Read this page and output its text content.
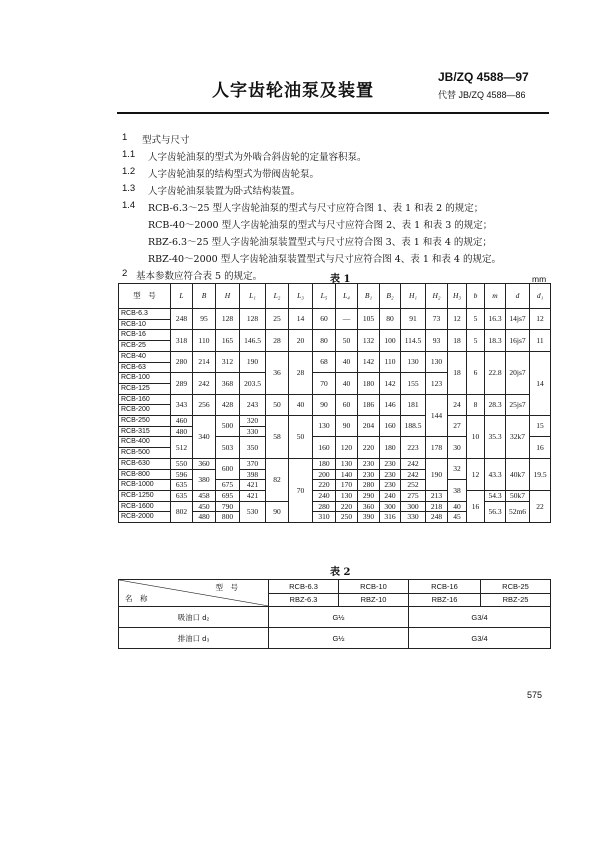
人字齿轮油泵及装置
JB/ZQ 4588—97
代替 JB/ZQ 4588—86
1 型式与尺寸
1.1 人字齿轮油泵的型式为外啮合斜齿轮的定量容积泵。
1.2 人字齿轮油泵的结构型式为带阀齿轮泵。
1.3 人字齿轮油泵装置为卧式结构装置。
1.4 RCB-6.3～25 型人字齿轮油泵的型式与尺寸应符合图 1、表 1 和表 2 的规定；
RCB-40～2000 型人字齿轮油泵的型式与尺寸应符合图 2、表 1 和表 3 的规定；
RBZ-6.3～25 型人字齿轮油泵装置型式与尺寸应符合图 3、表 1 和表 4 的规定；
RBZ-40～2000 型人字齿轮油泵装置型式与尺寸应符合图 4、表 1 和表 4 的规定。
2 基本参数应符合表 5 的规定。	表 1	mm
型　号	L	B	H	L₁	L₂	L₃	L₅	L₄	B₁	B₂	H₁	H₂	H₃	b	m	d	d₁
RCB-6.3	248	95	128	128	25	14	60	—	105	80	91	73	12	5	16.3	14js7	12
RCB-10																	
RCB-16	318	110	165	146.5	28	20	80	50	132	100	114.5	93	18	5	18.3	16js7	11
RCB-25																	
RCB-40	280	214	312	190	36	28	68	40	142	110	130	130	18	6	22.8	20js7	14
RCB-63																	
RCB-100	289	242	368	203.5			70	40	180	142	155	123					
RCB-125																	
RCB-160	343	256	428	243	50	40	90	60	186	146	181	144	24	8	28.3	25js7	
RCB-200																	
RCB-250	460	340	500	320	58	50	130	90	204	160	188.5		27	10	35.3	32k7	15
RCB-315	480			330													
RCB-400	512		503	350			160	120	220	180	223	178	30				16
RCB-500																	
RCB-630	550	360	600	370	82	70	180	130	230	230	242	190	32	12	43.3	40k7	19.5
RCB-800	596	380		398			200	140	230	230	242						
RCB-1000	635		675	421			220	170	280	230	252		38				
RCB-1250	635	458	695	421			240	130	290	240	275	213		16	54.3	50k7	22
RCB-1600	802	450	790	530	90		280	220	360	300	300	218	40		56.3	52m6	
RCB-2000		480	800				310	250	390	316	330	248	45				
表 2
型　号
名　称	RCB-6.3	RCB-10	RCB-16	RCB-25
	RBZ-6.3	RBZ-10	RBZ-16	RBZ-25
吸油口 d₂	G½		G3/4	
排油口 d₃	G½		G3/4	
575
